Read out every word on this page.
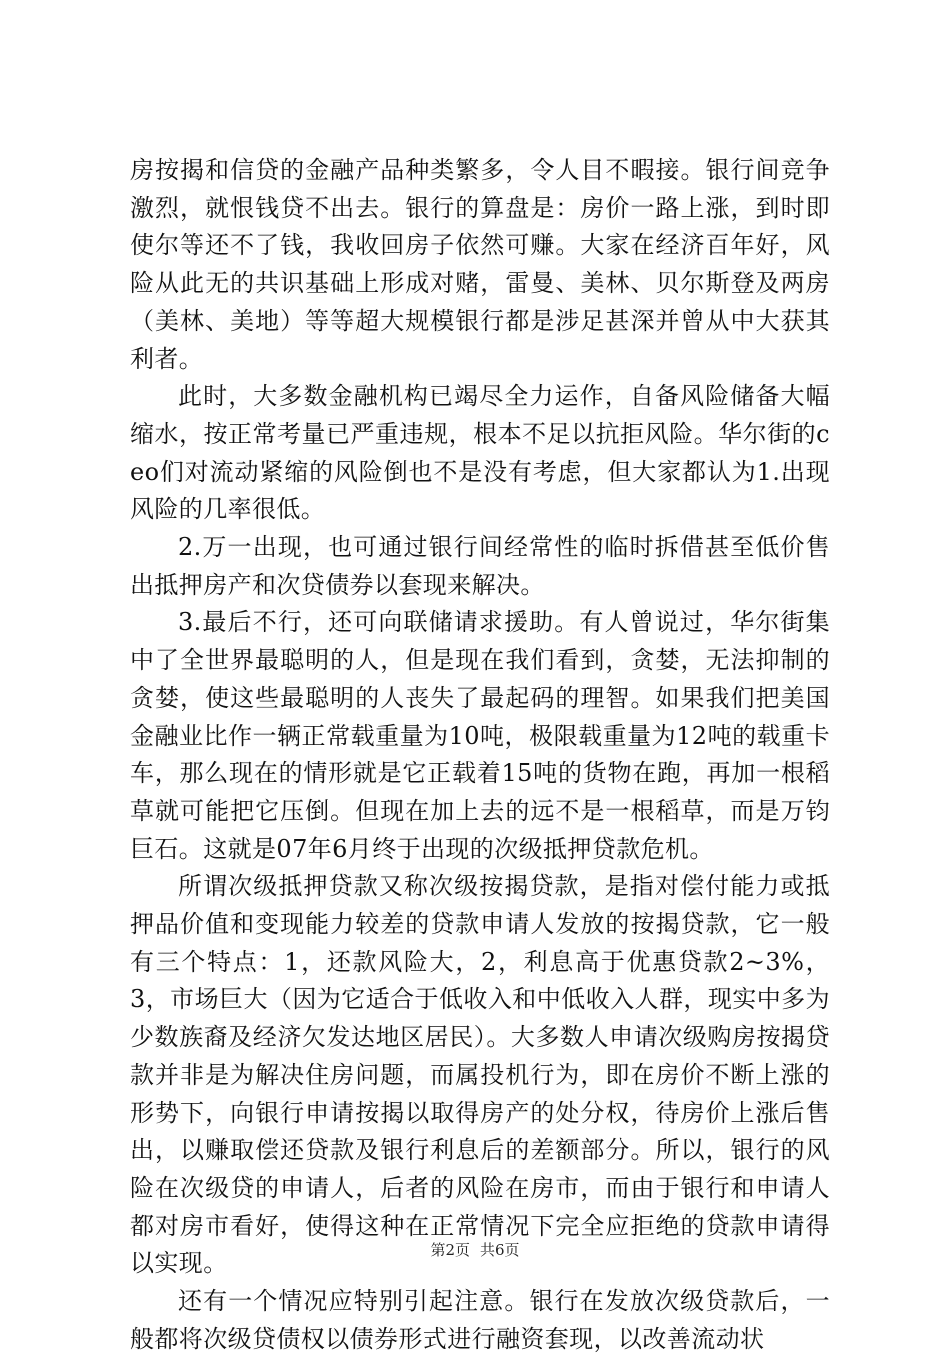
房按揭和信贷的金融产品种类繁多，令人目不暇接。银行间竞争激烈，就恨钱贷不出去。银行的算盘是：房价一路上涨，到时即使尔等还不了钱，我收回房子依然可赚。大家在经济百年好，风险从此无的共识基础上形成对赌，雷曼、美林、贝尔斯登及两房（美林、美地）等等超大规模银行都是涉足甚深并曾从中大获其利者。

此时，大多数金融机构已竭尽全力运作，自备风险储备大幅缩水，按正常考量已严重违规，根本不足以抗拒风险。华尔街的ceo们对流动紧缩的风险倒也不是没有考虑，但大家都认为1.出现风险的几率很低。

2.万一出现，也可通过银行间经常性的临时拆借甚至低价售出抵押房产和次贷债券以套现来解决。

3.最后不行，还可向联储请求援助。有人曾说过，华尔街集中了全世界最聪明的人，但是现在我们看到，贪婪，无法抑制的贪婪，使这些最聪明的人丧失了最起码的理智。如果我们把美国金融业比作一辆正常载重量为10吨，极限载重量为12吨的载重卡车，那么现在的情形就是它正载着15吨的货物在跑，再加一根稻草就可能把它压倒。但现在加上去的远不是一根稻草，而是万钧巨石。这就是07年6月终于出现的次级抵押贷款危机。

所谓次级抵押贷款又称次级按揭贷款，是指对偿付能力或抵押品价值和变现能力较差的贷款申请人发放的按揭贷款，它一般有三个特点：1，还款风险大，2，利息高于优惠贷款2~3%，3，市场巨大（因为它适合于低收入和中低收入人群，现实中多为少数族裔及经济欠发达地区居民）。大多数人申请次级购房按揭贷款并非是为解决住房问题，而属投机行为，即在房价不断上涨的形势下，向银行申请按揭以取得房产的处分权，待房价上涨后售出，以赚取偿还贷款及银行利息后的差额部分。所以，银行的风险在次级贷的申请人，后者的风险在房市，而由于银行和申请人都对房市看好，使得这种在正常情况下完全应拒绝的贷款申请得以实现。

还有一个情况应特别引起注意。银行在发放次级贷款后，一般都将次级贷债权以债券形式进行融资套现，以改善流动状

第2页 共6页
